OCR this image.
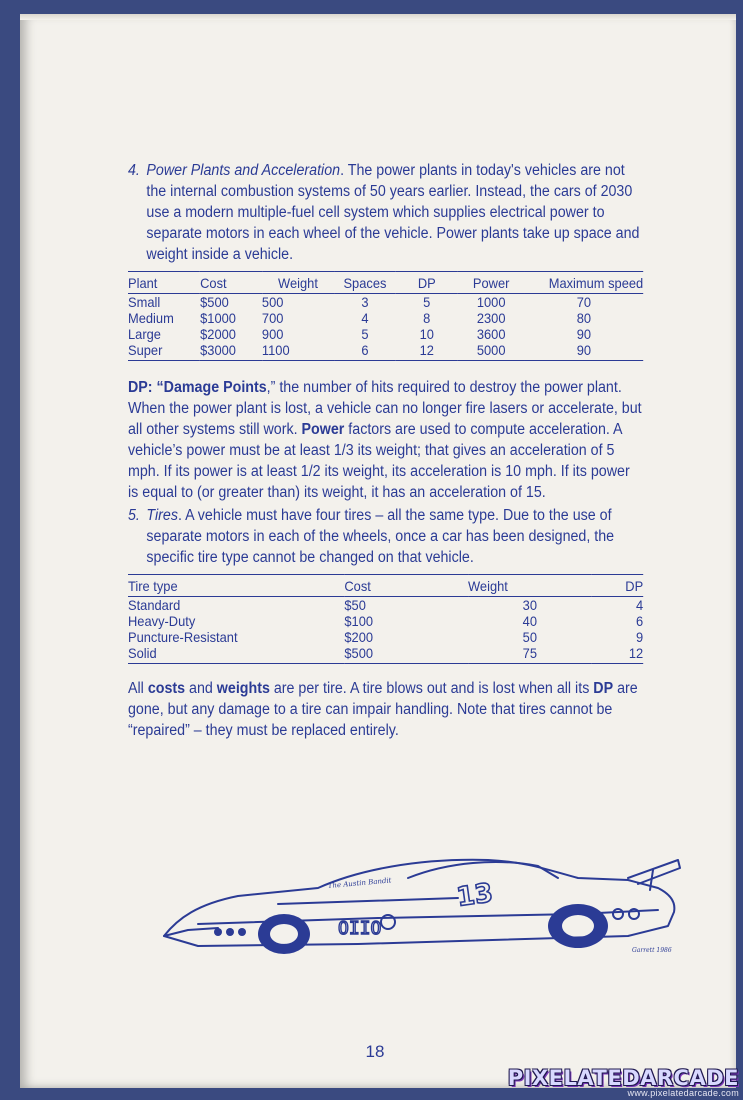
4. Power Plants and Acceleration. The power plants in today's vehicles are not the internal combustion systems of 50 years earlier. Instead, the cars of 2030 use a modern multiple-fuel cell system which supplies electrical power to separate motors in each wheel of the vehicle. Power plants take up space and weight inside a vehicle.

Plant	Cost	Weight	Spaces	DP	Power	Maximum speed
Small	$500	500	3	5	1000	70
Medium	$1000	700	4	8	2300	80
Large	$2000	900	5	10	3600	90
Super	$3000	1100	6	12	5000	90

DP: “Damage Points,” the number of hits required to destroy the power plant. When the power plant is lost, a vehicle can no longer fire lasers or accelerate, but all other systems still work. Power factors are used to compute acceleration. A vehicle’s power must be at least 1/3 its weight; that gives an acceleration of 5 mph. If its power is at least 1/2 its weight, its acceleration is 10 mph. If its power is equal to (or greater than) its weight, it has an acceleration of 15.

5. Tires. A vehicle must have four tires – all the same type. Due to the use of separate motors in each of the wheels, once a car has been designed, the specific tire type cannot be changed on that vehicle.

Tire type	Cost	Weight	DP
Standard	$50	30	4
Heavy-Duty	$100	40	6
Puncture-Resistant	$200	50	9
Solid	$500	75	12

All costs and weights are per tire. A tire blows out and is lost when all its DP are gone, but any damage to a tire can impair handling. Note that tires cannot be “repaired” – they must be replaced entirely.

The Austin Bandit 13
OIIO
Garrett 1986
18
PIXELATEDARCADE
www.pixelatedarcade.com
